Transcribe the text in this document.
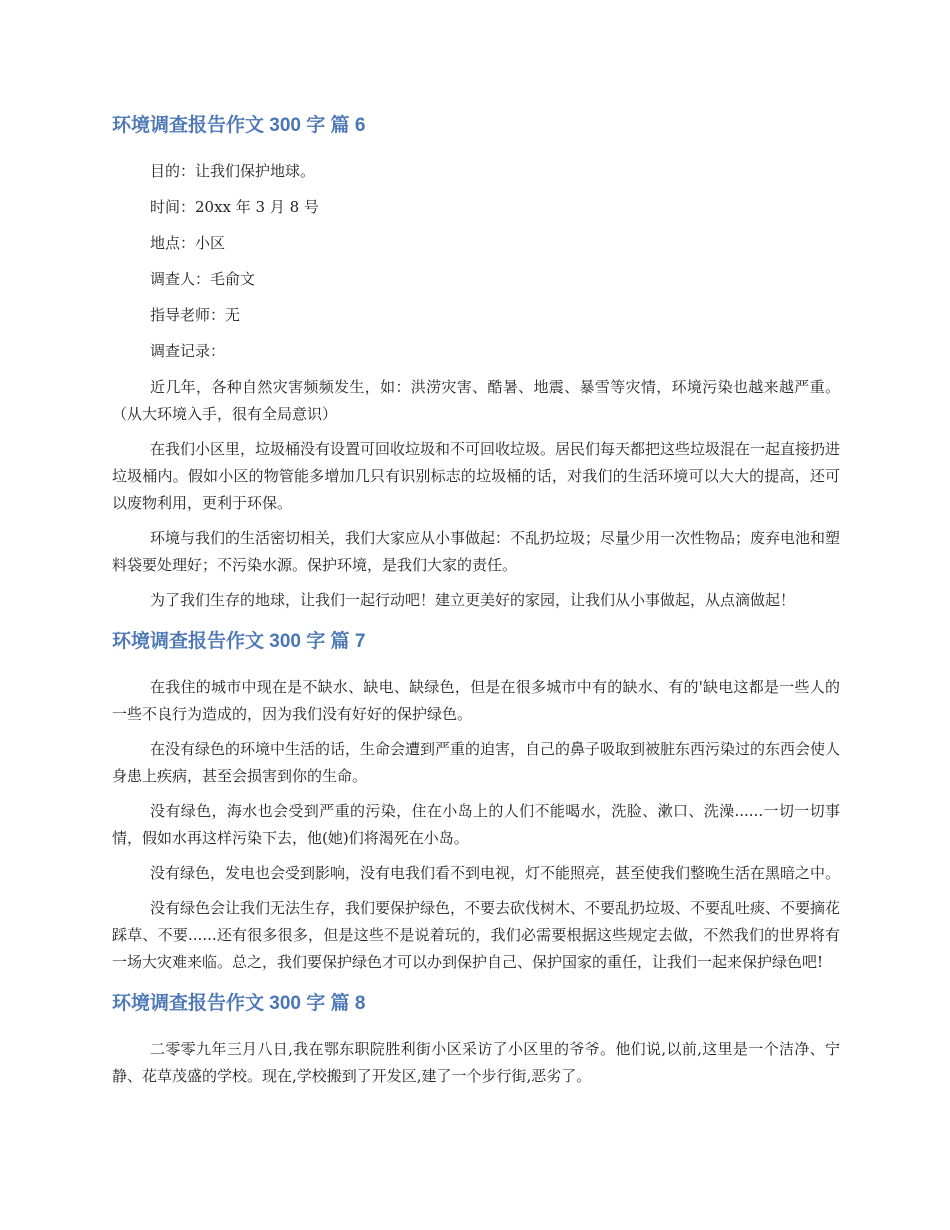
环境调查报告作文 300 字 篇 6

目的：让我们保护地球。

时间：20xx 年 3 月 8 号

地点：小区

调查人：毛俞文

指导老师：无

调查记录：

近几年，各种自然灾害频频发生，如：洪涝灾害、酷暑、地震、暴雪等灾情，环境污染也越来越严重。（从大环境入手，很有全局意识）

在我们小区里，垃圾桶没有设置可回收垃圾和不可回收垃圾。居民们每天都把这些垃圾混在一起直接扔进垃圾桶内。假如小区的物管能多增加几只有识别标志的垃圾桶的话，对我们的生活环境可以大大的提高，还可以废物利用，更利于环保。

环境与我们的生活密切相关，我们大家应从小事做起：不乱扔垃圾；尽量少用一次性物品；废弃电池和塑料袋要处理好；不污染水源。保护环境，是我们大家的责任。

为了我们生存的地球，让我们一起行动吧！建立更美好的家园，让我们从小事做起，从点滴做起！

环境调查报告作文 300 字 篇 7

在我住的城市中现在是不缺水、缺电、缺绿色，但是在很多城市中有的缺水、有的'缺电这都是一些人的一些不良行为造成的，因为我们没有好好的保护绿色。

在没有绿色的环境中生活的话，生命会遭到严重的迫害，自己的鼻子吸取到被脏东西污染过的东西会使人身患上疾病，甚至会损害到你的生命。

没有绿色，海水也会受到严重的污染，住在小岛上的人们不能喝水，洗脸、漱口、洗澡......一切一切事情，假如水再这样污染下去，他(她)们将渴死在小岛。

没有绿色，发电也会受到影响，没有电我们看不到电视，灯不能照亮，甚至使我们整晚生活在黑暗之中。

没有绿色会让我们无法生存，我们要保护绿色，不要去砍伐树木、不要乱扔垃圾、不要乱吐痰、不要摘花踩草、不要......还有很多很多，但是这些不是说着玩的，我们必需要根据这些规定去做，不然我们的世界将有一场大灾难来临。总之，我们要保护绿色才可以办到保护自己、保护国家的重任，让我们一起来保护绿色吧!

环境调查报告作文 300 字 篇 8

二零零九年三月八日,我在鄂东职院胜利街小区采访了小区里的爷爷。他们说,以前,这里是一个洁净、宁静、花草茂盛的学校。现在,学校搬到了开发区,建了一个步行街,恶劣了。
